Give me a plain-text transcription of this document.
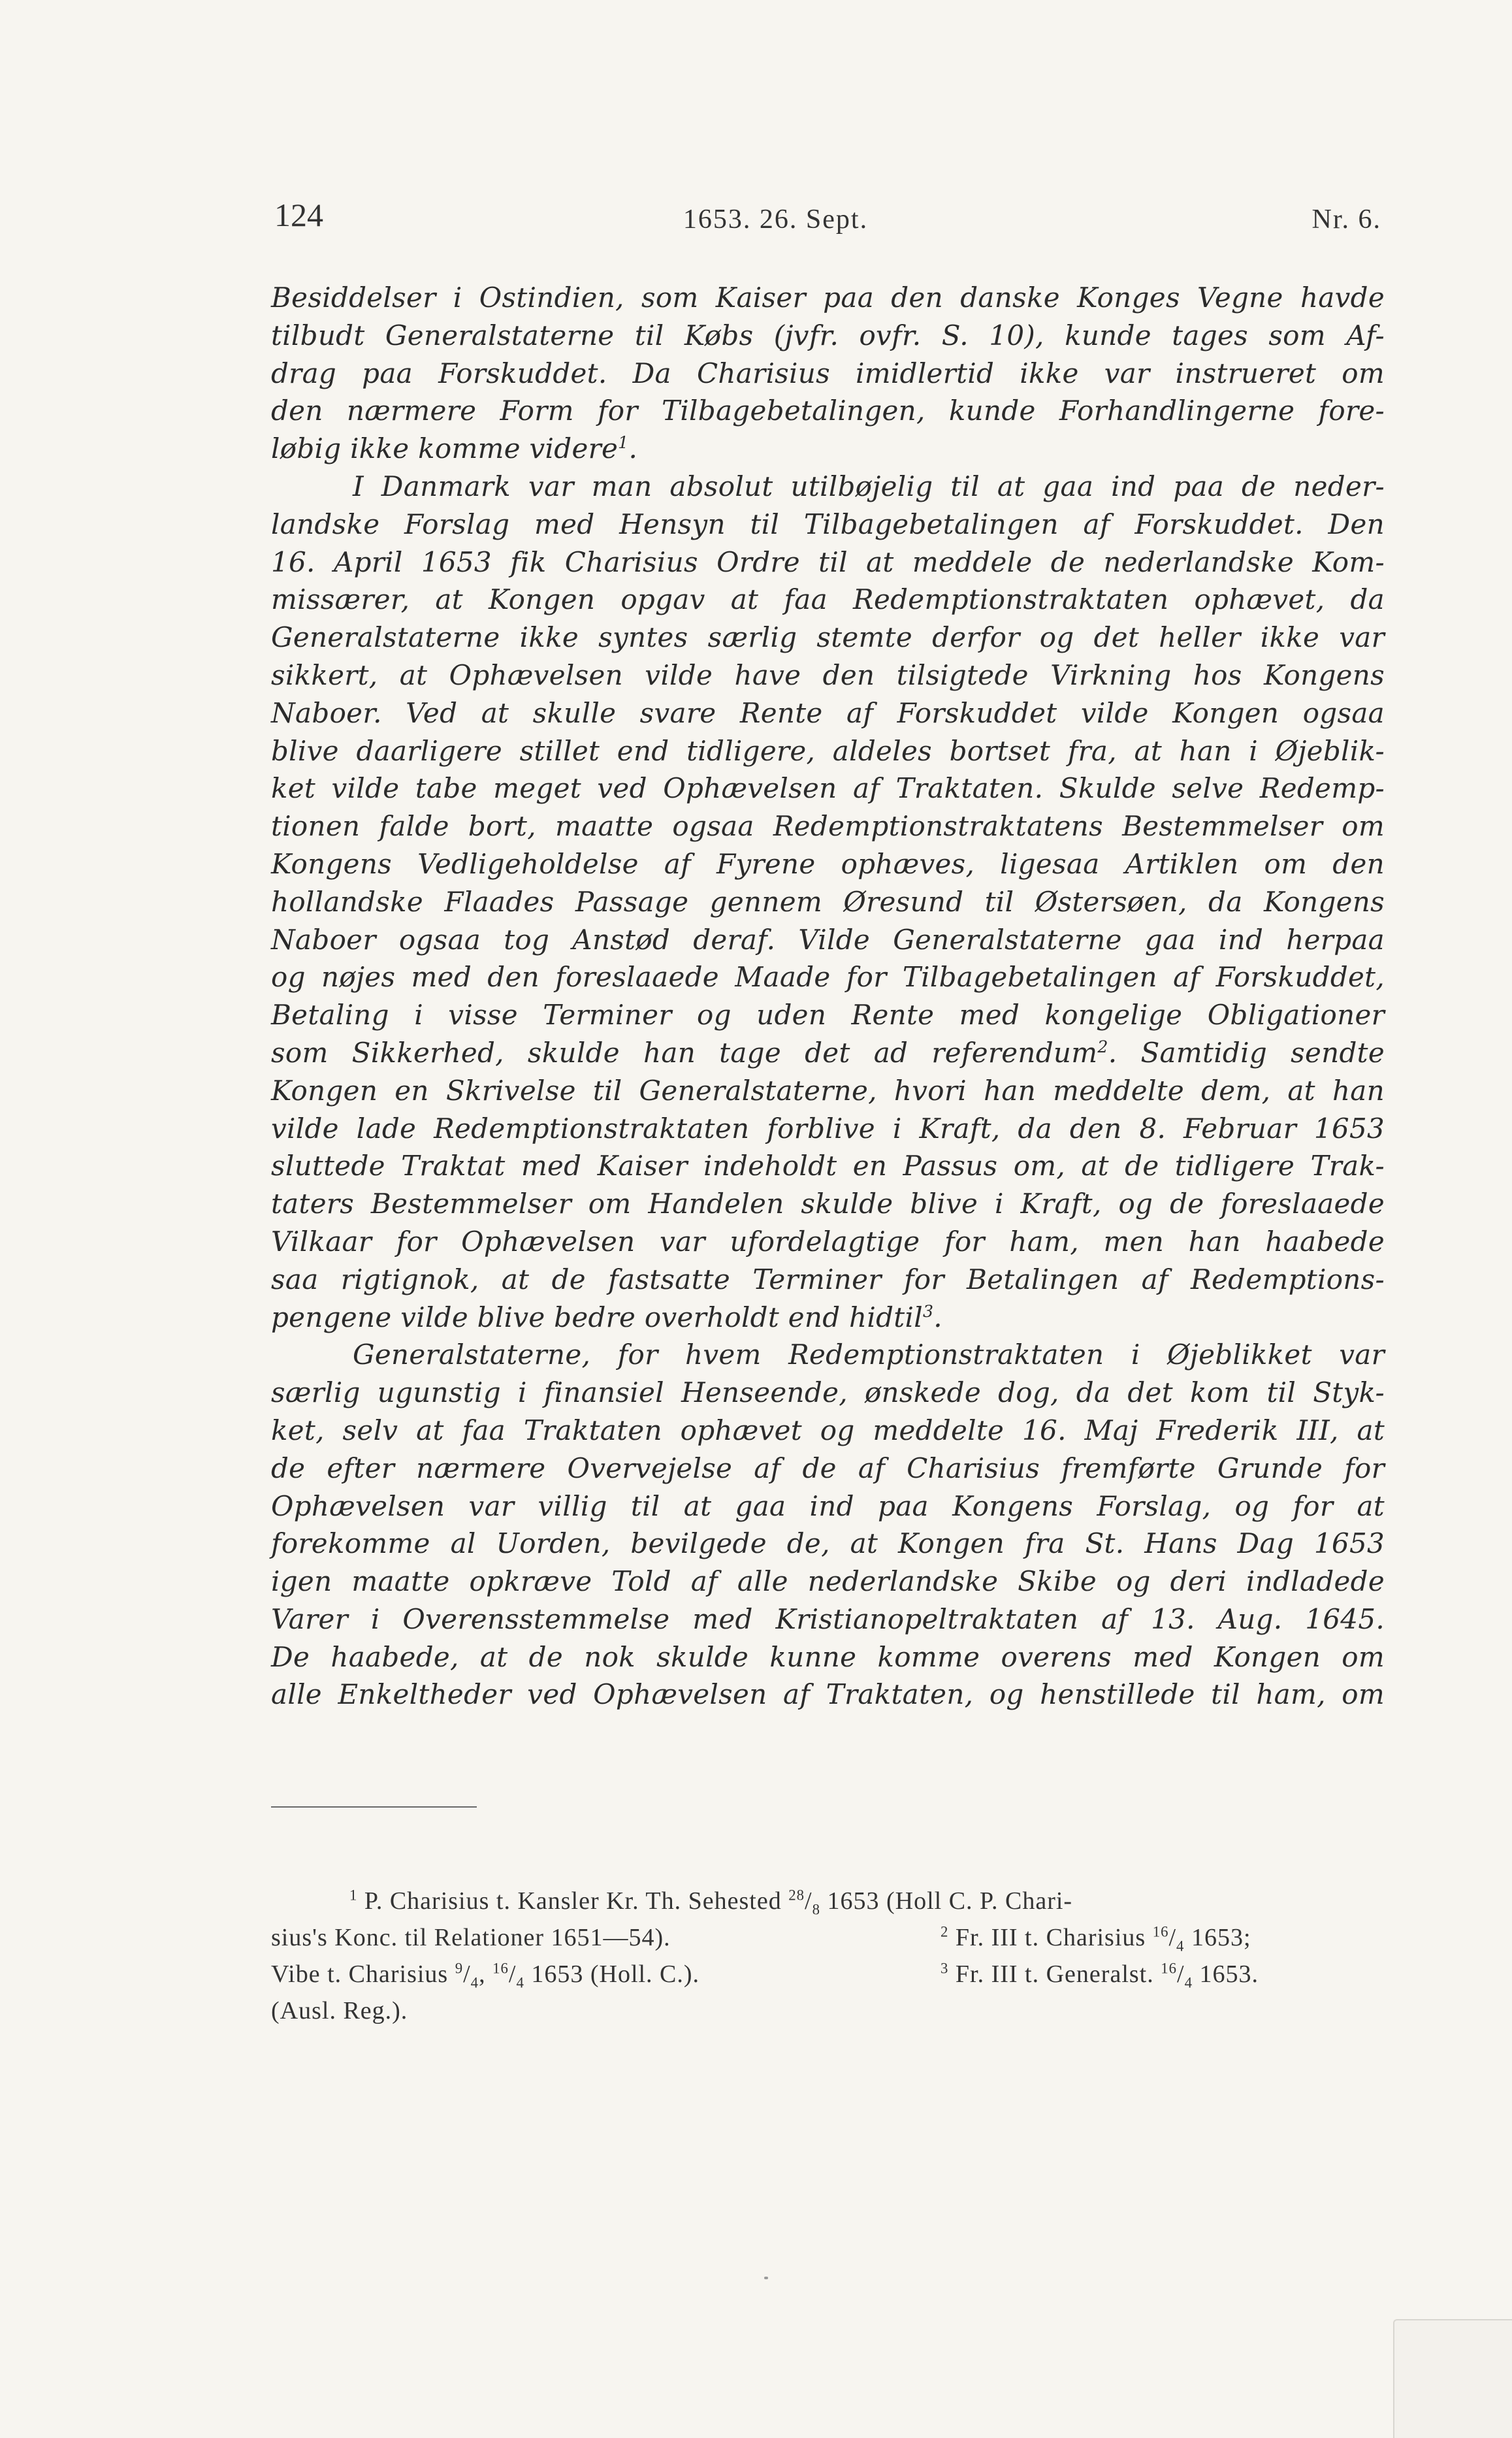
124	1653. 26. Sept.	Nr. 6.
Besiddelser i Ostindien, som Kaiser paa den danske Konges Vegne havde
tilbudt Generalstaterne til Købs (jvfr. ovfr. S. 10), kunde tages som Af-
drag paa Forskuddet. Da Charisius imidlertid ikke var instrueret om
den nærmere Form for Tilbagebetalingen, kunde Forhandlingerne fore-
løbig ikke komme videre$^1$.
I Danmark var man absolut utilbøjelig til at gaa ind paa de neder-
landske Forslag med Hensyn til Tilbagebetalingen af Forskuddet. Den
16. April 1653 fik Charisius Ordre til at meddele de nederlandske Kom-
missærer, at Kongen opgav at faa Redemptionstraktaten ophævet, da
Generalstaterne ikke syntes særlig stemte derfor og det heller ikke var
sikkert, at Ophævelsen vilde have den tilsigtede Virkning hos Kongens
Naboer. Ved at skulle svare Rente af Forskuddet vilde Kongen ogsaa
blive daarligere stillet end tidligere, aldeles bortset fra, at han i Øjeblik-
ket vilde tabe meget ved Ophævelsen af Traktaten. Skulde selve Redemp-
tionen falde bort, maatte ogsaa Redemptionstraktatens Bestemmelser om
Kongens Vedligeholdelse af Fyrene ophæves, ligesaa Artiklen om den
hollandske Flaades Passage gennem Øresund til Østersøen, da Kongens
Naboer ogsaa tog Anstød deraf. Vilde Generalstaterne gaa ind herpaa
og nøjes med den foreslaaede Maade for Tilbagebetalingen af Forskuddet,
Betaling i visse Terminer og uden Rente med kongelige Obligationer
som Sikkerhed, skulde han tage det ad referendum$^2$. Samtidig sendte
Kongen en Skrivelse til Generalstaterne, hvori han meddelte dem, at han
vilde lade Redemptionstraktaten forblive i Kraft, da den 8. Februar 1653
sluttede Traktat med Kaiser indeholdt en Passus om, at de tidligere Trak-
taters Bestemmelser om Handelen skulde blive i Kraft, og de foreslaaede
Vilkaar for Ophævelsen var ufordelagtige for ham, men han haabede
saa rigtignok, at de fastsatte Terminer for Betalingen af Redemptions-
pengene vilde blive bedre overholdt end hidtil$^3$.
Generalstaterne, for hvem Redemptionstraktaten i Øjeblikket var
særlig ugunstig i finansiel Henseende, ønskede dog, da det kom til Styk-
ket, selv at faa Traktaten ophævet og meddelte 16. Maj Frederik III, at
de efter nærmere Overvejelse af de af Charisius fremførte Grunde for
Ophævelsen var villig til at gaa ind paa Kongens Forslag, og for at
forekomme al Uorden, bevilgede de, at Kongen fra St. Hans Dag 1653
igen maatte opkræve Told af alle nederlandske Skibe og deri indladede
Varer i Overensstemmelse med Kristianopeltraktaten af 13. Aug. 1645.
De haabede, at de nok skulde kunne komme overens med Kongen om
alle Enkeltheder ved Ophævelsen af Traktaten, og henstillede til ham, om
$^1$ P. Charisius t. Kansler Kr. Th. Sehested $^{28}/_8$ 1653 (Holl C. P. Chari-
sius's Konc. til Relationer 1651—54).	$^2$ Fr. III t. Charisius $^{16}/_4$ 1653;
Vibe t. Charisius $^9/_4$, $^{16}/_4$ 1653 (Holl. C.).	$^3$ Fr. III t. Generalst. $^{16}/_4$ 1653.
(Ausl. Reg.).
